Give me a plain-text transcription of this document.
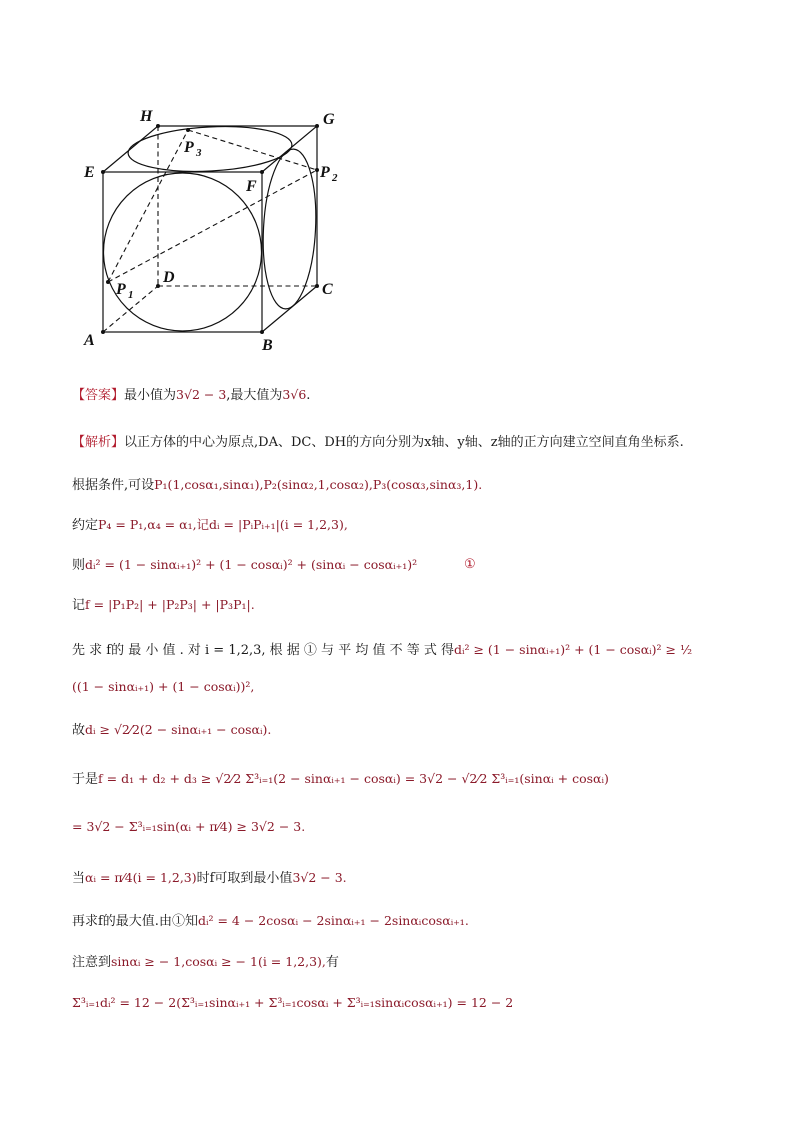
H	G
E
F
D
C
A	B
P 1
P 2
P 3
【答案】最小值为3√2 − 3,最大值为3√6.
【解析】以正方体的中心为原点,DA、DC、DH的方向分别为x轴、y轴、z轴的正方向建立空间直角坐标系.
根据条件,可设P₁(1,cosα₁,sinα₁),P₂(sinα₂,1,cosα₂),P₃(cosα₃,sinα₃,1).
约定P₄ = P₁,α₄ = α₁,记dᵢ = |PᵢPᵢ₊₁|(i = 1,2,3),
则dᵢ² = (1 − sinαᵢ₊₁)² + (1 − cosαᵢ)² + (sinαᵢ − cosαᵢ₊₁)²	①
记f = |P₁P₂| + |P₂P₃| + |P₃P₁|.
先 求 f的 最 小 值 . 对 i = 1,2,3, 根 据 ① 与 平 均 值 不 等 式 得dᵢ² ≥ (1 − sinαᵢ₊₁)² + (1 − cosαᵢ)² ≥ ½
((1 − sinαᵢ₊₁) + (1 − cosαᵢ))²,
故dᵢ ≥ √2⁄2(2 − sinαᵢ₊₁ − cosαᵢ).
于是f = d₁ + d₂ + d₃ ≥ √2⁄2 Σ³ᵢ₌₁(2 − sinαᵢ₊₁ − cosαᵢ) = 3√2 − √2⁄2 Σ³ᵢ₌₁(sinαᵢ + cosαᵢ)
= 3√2 − Σ³ᵢ₌₁sin(αᵢ + π⁄4) ≥ 3√2 − 3.
当αᵢ = π⁄4(i = 1,2,3)时f可取到最小值3√2 − 3.
再求f的最大值.由①知dᵢ² = 4 − 2cosαᵢ − 2sinαᵢ₊₁ − 2sinαᵢcosαᵢ₊₁.
注意到sinαᵢ ≥ − 1,cosαᵢ ≥ − 1(i = 1,2,3),有
Σ³ᵢ₌₁dᵢ² = 12 − 2(Σ³ᵢ₌₁sinαᵢ₊₁ + Σ³ᵢ₌₁cosαᵢ + Σ³ᵢ₌₁sinαᵢcosαᵢ₊₁) = 12 − 2
